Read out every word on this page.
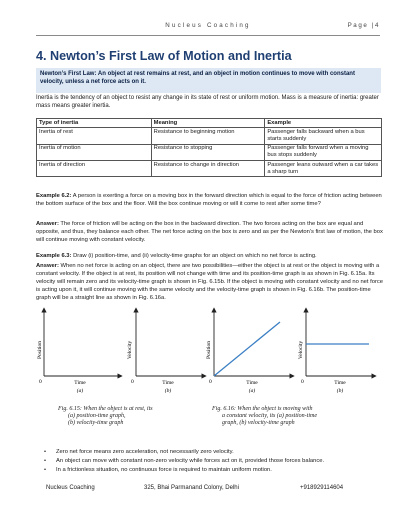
Nucleus Coaching	Page |4
4. Newton’s First Law of Motion and Inertia
Newton’s First Law: An object at rest remains at rest, and an object in motion continues to move with constant velocity, unless a net force acts on it.
Inertia is the tendency of an object to resist any change in its state of rest or uniform motion. Mass is a measure of inertia: greater mass means greater inertia.
Type of inertia	Meaning	Example
Inertia of rest	Resistance to beginning motion	Passenger falls backward when a bus starts suddenly
Inertia of motion	Resistance to stopping	Passenger falls forward when a moving bus stops suddenly
Inertia of direction	Resistance to change in direction	Passenger leans outward when a car takes a sharp turn
Example 6.2: A person is exerting a force on a moving box in the forward direction which is equal to the force of friction acting between the bottom surface of the box and the floor. Will the box continue moving or will it come to rest after some time?
Answer: The force of friction will be acting on the box in the backward direction. The two forces acting on the box are equal and opposite, and thus, they balance each other. The net force acting on the box is zero and as per the Newton’s first law of motion, the box will continue moving with constant velocity.
Example 6.3: Draw (i) position-time, and (ii) velocity-time graphs for an object on which no net force is acting.
Answer: When no net force is acting on an object, there are two possibilities—either the object is at rest or the object is moving with a constant velocity. If the object is at rest, its position will not change with time and its position-time graph is as shown in Fig. 6.15a. Its velocity will remain zero and its velocity-time graph is shown in Fig. 6.15b. If the object is moving with constant velocity and no net force is acting upon it, it will continue moving with the same velocity and the velocity-time graph is shown in Fig. 6.16b. The position-time graph will be a straight line as shown in Fig. 6.16a.
Position
0	Time
(a)
Velocity
0	Time
(b)
Position
0	Time
(a)
Velocity
0	Time
(b)
Fig. 6.15: When the object is at rest, its
(a) position-time graph,
(b) velocity-time graph
Fig. 6.16: When the object is moving with
a constant velocity, its (a) position-time
graph, (b) velocity-time graph
• Zero net force means zero acceleration, not necessarily zero velocity.
• An object can move with constant non-zero velocity while forces act on it, provided those forces balance.
• In a frictionless situation, no continuous force is required to maintain uniform motion.
Nucleus Coaching	325, Bhai Parmanand Colony, Delhi	+918929114604
